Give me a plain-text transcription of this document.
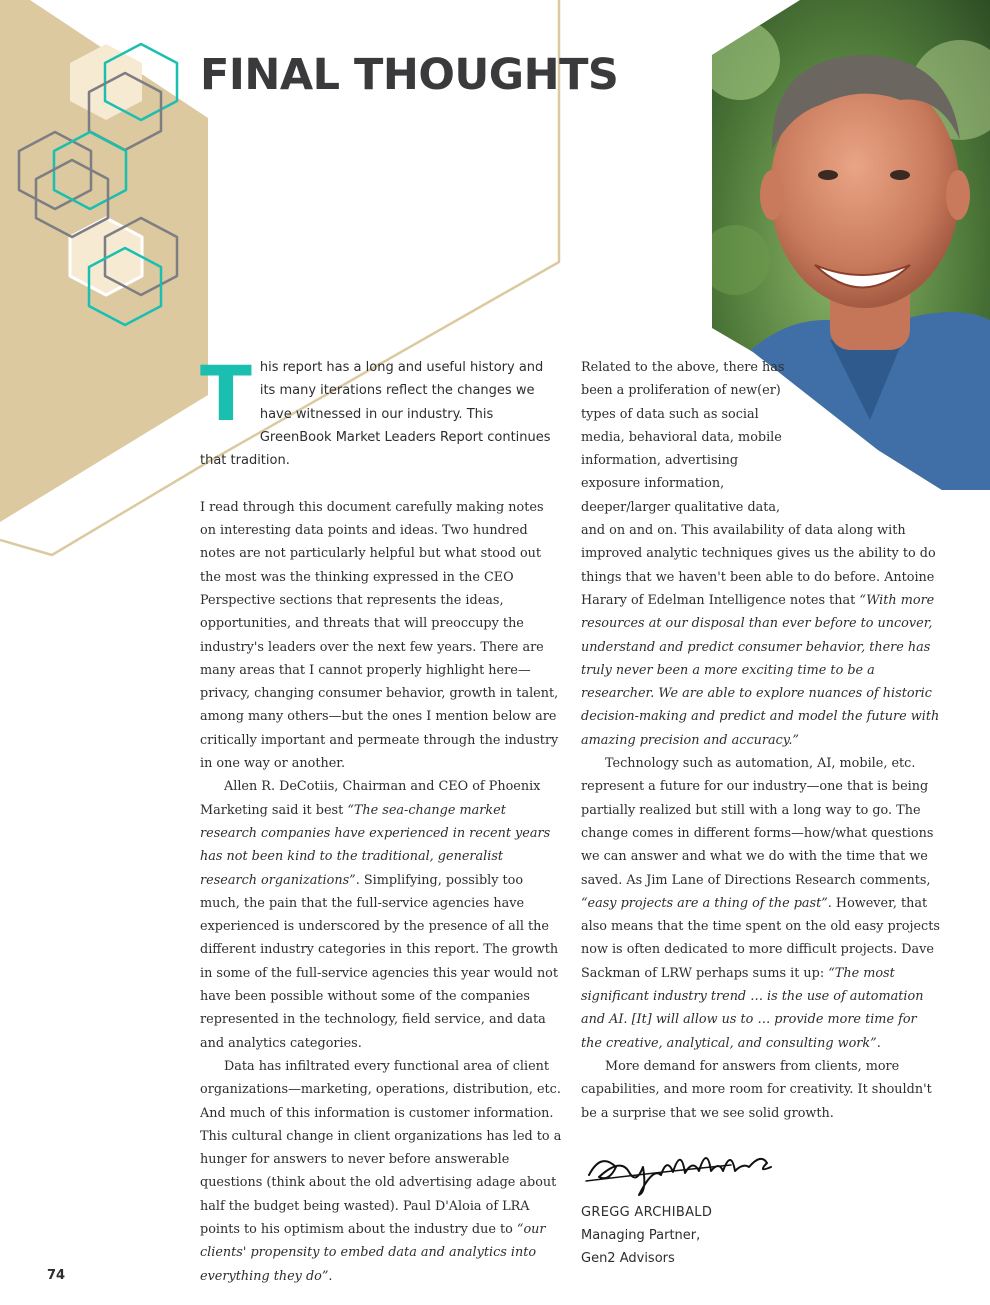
FINAL THOUGHTS

This report has a long and useful history and its many iterations reflect the changes we have witnessed in our industry. This GreenBook Market Leaders Report continues that tradition.

I read through this document carefully making notes on interesting data points and ideas. Two hundred notes are not particularly helpful but what stood out the most was the thinking expressed in the CEO Perspective sections that represents the ideas, opportunities, and threats that will preoccupy the industry's leaders over the next few years. There are many areas that I cannot properly highlight here—privacy, changing consumer behavior, growth in talent, among many others—but the ones I mention below are critically important and permeate through the industry in one way or another.

Allen R. DeCotiis, Chairman and CEO of Phoenix Marketing said it best “The sea-change market research companies have experienced in recent years has not been kind to the traditional, generalist research organizations”. Simplifying, possibly too much, the pain that the full-service agencies have experienced is underscored by the presence of all the different industry categories in this report. The growth in some of the full-service agencies this year would not have been possible without some of the companies represented in the technology, field service, and data and analytics categories.

Data has infiltrated every functional area of client organizations—marketing, operations, distribution, etc. And much of this information is customer information. This cultural change in client organizations has led to a hunger for answers to never before answerable questions (think about the old advertising adage about half the budget being wasted). Paul D'Aloia of LRA points to his optimism about the industry due to “our clients' propensity to embed data and analytics into everything they do”.

Related to the above, there has been a proliferation of new(er) types of data such as social media, behavioral data, mobile information, advertising exposure information, deeper/larger qualitative data, and on and on. This availability of data along with improved analytic techniques gives us the ability to do things that we haven't been able to do before. Antoine Harary of Edelman Intelligence notes that “With more resources at our disposal than ever before to uncover, understand and predict consumer behavior, there has truly never been a more exciting time to be a researcher. We are able to explore nuances of historic decision-making and predict and model the future with amazing precision and accuracy.”

Technology such as automation, AI, mobile, etc. represent a future for our industry—one that is being partially realized but still with a long way to go. The change comes in different forms—how/what questions we can answer and what we do with the time that we saved. As Jim Lane of Directions Research comments, “easy projects are a thing of the past”. However, that also means that the time spent on the old easy projects now is often dedicated to more difficult projects. Dave Sackman of LRW perhaps sums it up: “The most significant industry trend … is the use of automation and AI. [It] will allow us to … provide more time for the creative, analytical, and consulting work”.

More demand for answers from clients, more capabilities, and more room for creativity. It shouldn't be a surprise that we see solid growth.

GREGG ARCHIBALD
Managing Partner,
Gen2 Advisors
74
